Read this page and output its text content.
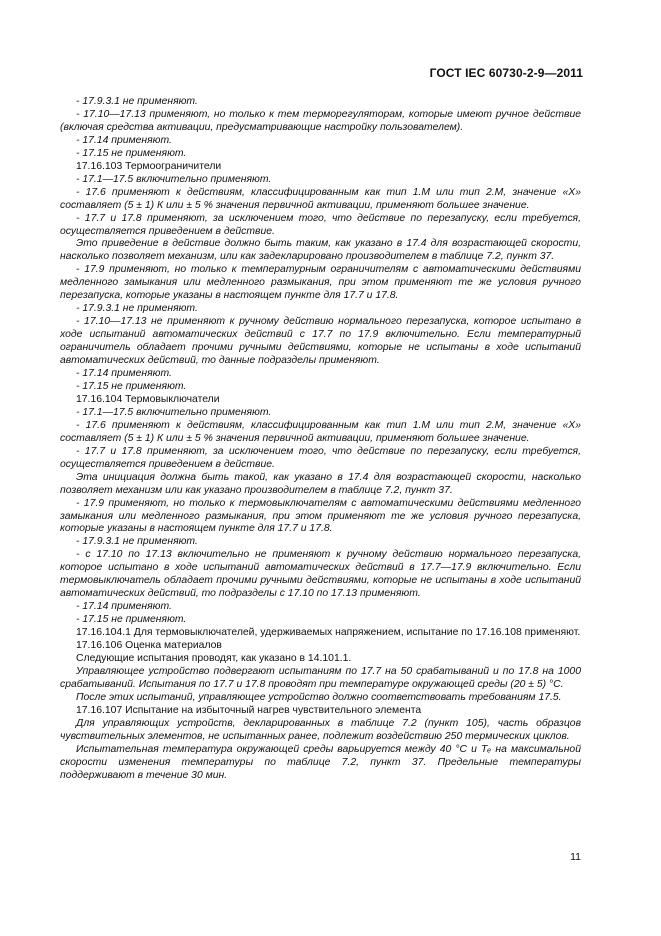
ГОСТ IEC 60730-2-9—2011

- 17.9.3.1 не применяют.

- 17.10—17.13 применяют, но только к тем терморегуляторам, которые имеют ручное действие (включая средства активации, предусматривающие настройку пользователем).

- 17.14 применяют.

- 17.15 не применяют.

17.16.103 Термоограничители

- 17.1—17.5 включительно применяют.

- 17.6 применяют к действиям, классифицированным как тип 1.М или тип 2.М, значение «X» составляет (5 ± 1) К или ± 5 % значения первичной активации, применяют большее значение.

- 17.7 и 17.8 применяют, за исключением того, что действие по перезапуску, если требуется, осуществляется приведением в действие.

Это приведение в действие должно быть таким, как указано в 17.4 для возрастающей скорости, насколько позволяет механизм, или как задекларировано производителем в таблице 7.2, пункт 37.

- 17.9 применяют, но только к температурным ограничителям с автоматическими действиями медленного замыкания или медленного размыкания, при этом применяют те же условия ручного перезапуска, которые указаны в настоящем пункте для 17.7 и 17.8.

- 17.9.3.1 не применяют.

- 17.10—17.13 не применяют к ручному действию нормального перезапуска, которое испытано в ходе испытаний автоматических действий с 17.7 по 17.9 включительно. Если температурный ограничитель обладает прочими ручными действиями, которые не испытаны в ходе испытаний автоматических действий, то данные подразделы применяют.

- 17.14 применяют.

- 17.15 не применяют.

17.16.104 Термовыключатели

- 17.1—17.5 включительно применяют.

- 17.6 применяют к действиям, классифицированным как тип 1.М или тип 2.М, значение «X» составляет (5 ± 1) К или ± 5 % значения первичной активации, применяют большее значение.

- 17.7 и 17.8 применяют, за исключением того, что действие по перезапуску, если требуется, осуществляется приведением в действие.

Эта инициация должна быть такой, как указано в 17.4 для возрастающей скорости, насколько позволяет механизм или как указано производителем в таблице 7.2, пункт 37.

- 17.9 применяют, но только к термовыключателям с автоматическими действиями медленного замыкания или медленного размыкания, при этом применяют те же условия ручного перезапуска, которые указаны в настоящем пункте для 17.7 и 17.8.

- 17.9.3.1 не применяют.

- с 17.10 по 17.13 включительно не применяют к ручному действию нормального перезапуска, которое испытано в ходе испытаний автоматических действий в 17.7—17.9 включительно. Если термовыключатель обладает прочими ручными действиями, которые не испытаны в ходе испытаний автоматических действий, то подразделы с 17.10 по 17.13 применяют.

- 17.14 применяют.

- 17.15 не применяют.

17.16.104.1 Для термовыключателей, удерживаемых напряжением, испытание по 17.16.108 применяют.

17.16.106 Оценка материалов

Следующие испытания проводят, как указано в 14.101.1.

Управляющее устройство подвергают испытаниям по 17.7 на 50 срабатываний и по 17.8 на 1000 срабатываний. Испытания по 17.7 и 17.8 проводят при температуре окружающей среды (20 ± 5) °С.

После этих испытаний, управляющее устройство должно соответствовать требованиям 17.5.

17.16.107 Испытание на избыточный нагрев чувствительного элемента

Для управляющих устройств, декларированных в таблице 7.2 (пункт 105), часть образцов чувствительных элементов, не испытанных ранее, подлежит воздействию 250 термических циклов.

Испытательная температура окружающей среды варьируется между 40 °С и Tₑ на максимальной скорости изменения температуры по таблице 7.2, пункт 37. Предельные температуры поддерживают в течение 30 мин.

11
